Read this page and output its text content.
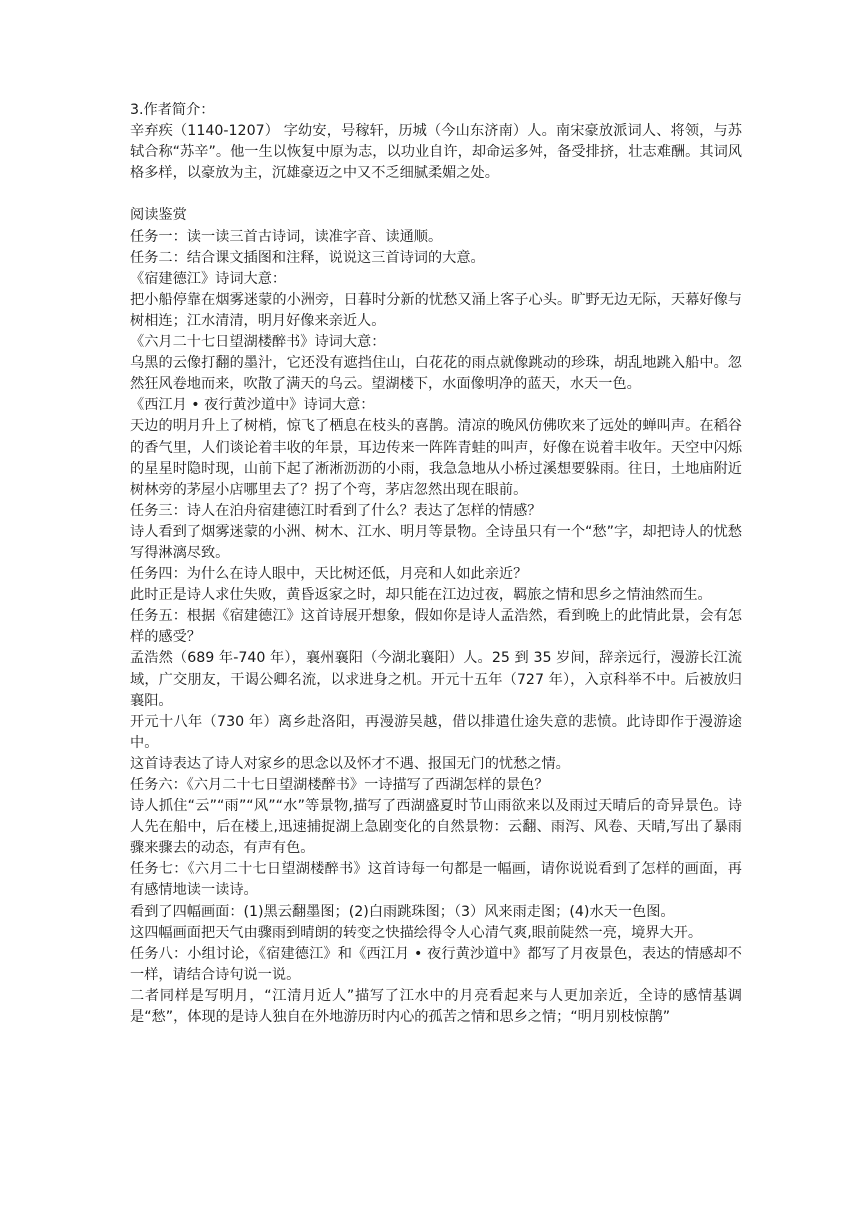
3.作者简介：

辛弃疾（1140-1207） 字幼安，号稼轩，历城（今山东济南）人。南宋豪放派词人、将领，与苏轼合称“苏辛”。他一生以恢复中原为志，以功业自许，却命运多舛，备受排挤，壮志难酬。其词风格多样，以豪放为主，沉雄豪迈之中又不乏细腻柔媚之处。

阅读鉴赏

任务一：读一读三首古诗词，读准字音、读通顺。

任务二：结合课文插图和注释，说说这三首诗词的大意。

《宿建德江》诗词大意：

把小船停靠在烟雾迷蒙的小洲旁，日暮时分新的忧愁又涌上客子心头。旷野无边无际，天幕好像与树相连；江水清清，明月好像来亲近人。

《六月二十七日望湖楼醉书》诗词大意：

乌黑的云像打翻的墨汁，它还没有遮挡住山，白花花的雨点就像跳动的珍珠，胡乱地跳入船中。忽然狂风卷地而来，吹散了满天的乌云。望湖楼下，水面像明净的蓝天，水天一色。

《西江月 • 夜行黄沙道中》诗词大意：

天边的明月升上了树梢，惊飞了栖息在枝头的喜鹊。清凉的晚风仿佛吹来了远处的蝉叫声。在稻谷的香气里，人们谈论着丰收的年景，耳边传来一阵阵青蛙的叫声，好像在说着丰收年。天空中闪烁的星星时隐时现，山前下起了淅淅沥沥的小雨，我急急地从小桥过溪想要躲雨。往日，土地庙附近树林旁的茅屋小店哪里去了？拐了个弯，茅店忽然出现在眼前。

任务三：诗人在泊舟宿建德江时看到了什么？表达了怎样的情感？

诗人看到了烟雾迷蒙的小洲、树木、江水、明月等景物。全诗虽只有一个“愁”字，却把诗人的忧愁写得淋漓尽致。

任务四：为什么在诗人眼中，天比树还低，月亮和人如此亲近？

此时正是诗人求仕失败，黄昏返家之时，却只能在江边过夜，羁旅之情和思乡之情油然而生。

任务五：根据《宿建德江》这首诗展开想象，假如你是诗人孟浩然，看到晚上的此情此景，会有怎样的感受？

孟浩然（689 年-740 年），襄州襄阳（今湖北襄阳）人。25 到 35 岁间，辞亲远行，漫游长江流域，广交朋友，干谒公卿名流，以求进身之机。开元十五年（727 年），入京科举不中。后被放归襄阳。

开元十八年（730 年）离乡赴洛阳，再漫游吴越，借以排遣仕途失意的悲愤。此诗即作于漫游途中。

这首诗表达了诗人对家乡的思念以及怀才不遇、报国无门的忧愁之情。

任务六：《六月二十七日望湖楼醉书》一诗描写了西湖怎样的景色？

诗人抓住“云”“雨”“风”“水”等景物,描写了西湖盛夏时节山雨欲来以及雨过天晴后的奇异景色。诗人先在船中，后在楼上,迅速捕捉湖上急剧变化的自然景物：云翻、雨泻、风卷、天晴,写出了暴雨骤来骤去的动态，有声有色。

任务七：《六月二十七日望湖楼醉书》这首诗每一句都是一幅画，请你说说看到了怎样的画面，再有感情地读一读诗。

看到了四幅画面：(1)黑云翻墨图；(2)白雨跳珠图；（3）风来雨走图；(4)水天一色图。

这四幅画面把天气由骤雨到晴朗的转变之快描绘得令人心清气爽,眼前陡然一亮，境界大开。

任务八：小组讨论，《宿建德江》和《西江月 • 夜行黄沙道中》都写了月夜景色，表达的情感却不一样，请结合诗句说一说。

二者同样是写明月，“江清月近人”描写了江水中的月亮看起来与人更加亲近，全诗的感情基调是“愁”，体现的是诗人独自在外地游历时内心的孤苦之情和思乡之情；“明月别枝惊鹊”
